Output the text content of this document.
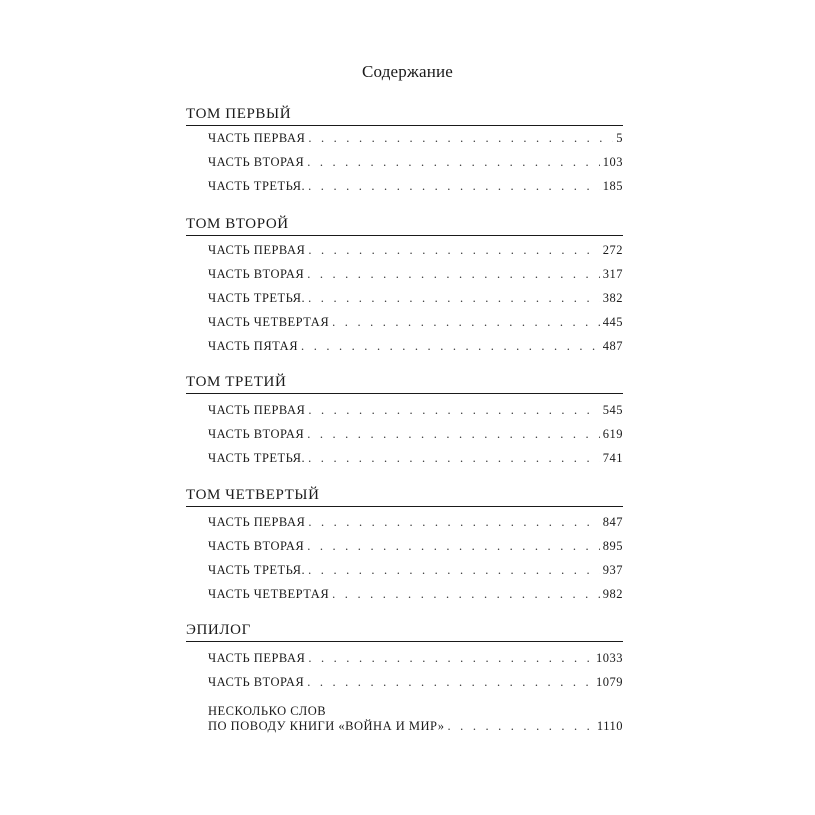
Содержание
ТОМ ПЕРВЫЙ
ЧАСТЬ ПЕРВАЯ . . .	5
ЧАСТЬ ВТОРАЯ . . .	103
ЧАСТЬ ТРЕТЬЯ. . . .	185
ТОМ ВТОРОЙ
ЧАСТЬ ПЕРВАЯ . . .	272
ЧАСТЬ ВТОРАЯ . . .	317
ЧАСТЬ ТРЕТЬЯ. . . .	382
ЧАСТЬ ЧЕТВЕРТАЯ . . .	445
ЧАСТЬ ПЯТАЯ . . .	487
ТОМ ТРЕТИЙ
ЧАСТЬ ПЕРВАЯ . . .	545
ЧАСТЬ ВТОРАЯ . . .	619
ЧАСТЬ ТРЕТЬЯ. . . .	741
ТОМ ЧЕТВЕРТЫЙ
ЧАСТЬ ПЕРВАЯ . . .	847
ЧАСТЬ ВТОРАЯ . . .	895
ЧАСТЬ ТРЕТЬЯ. . . .	937
ЧАСТЬ ЧЕТВЕРТАЯ . . .	982
ЭПИЛОГ
ЧАСТЬ ПЕРВАЯ . . .	1033
ЧАСТЬ ВТОРАЯ . . .	1079
НЕСКОЛЬКО СЛОВ
ПО ПОВОДУ КНИГИ «ВОЙНА И МИР» . . .	1110
